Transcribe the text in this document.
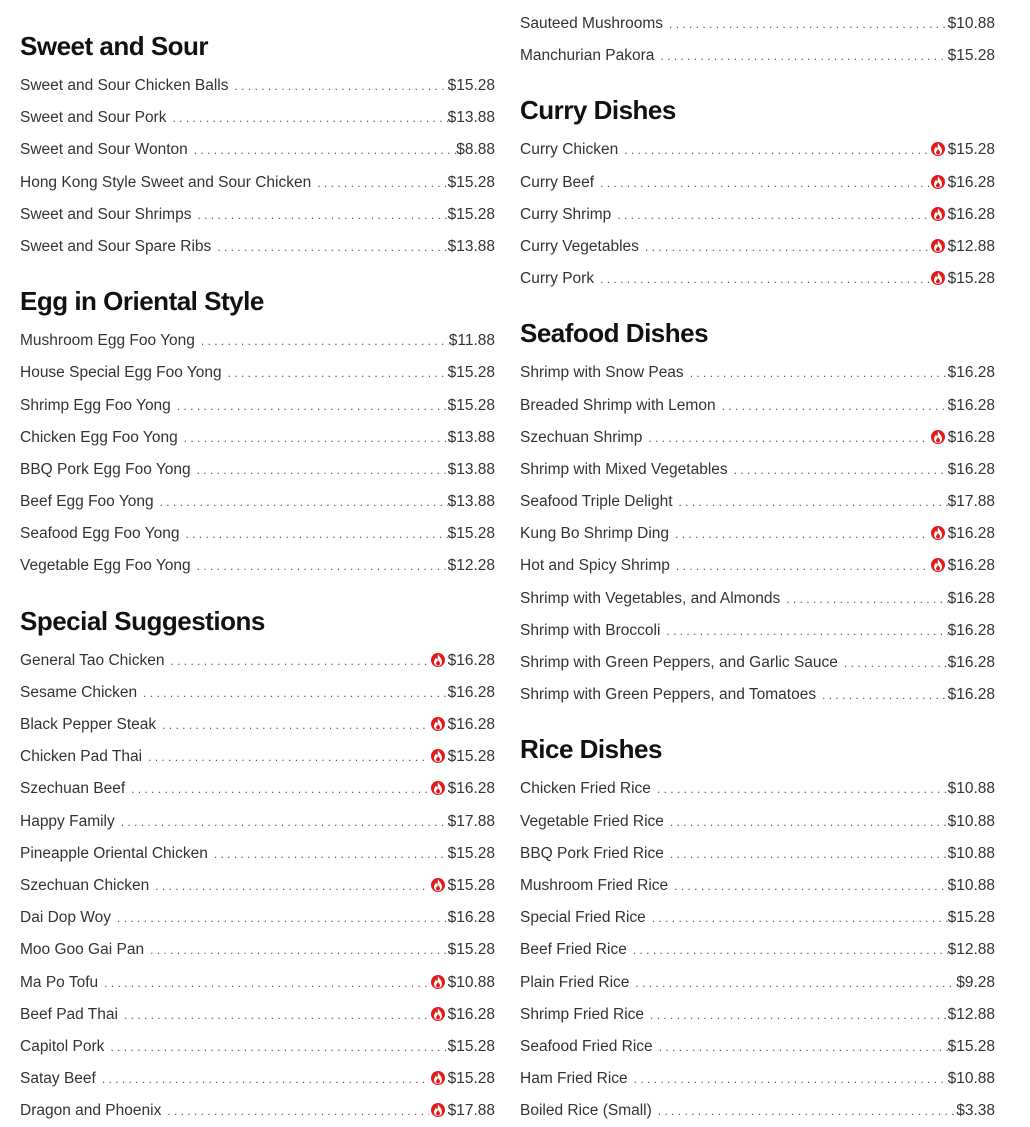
Sweet and Sour
Sweet and Sour Chicken Balls . . .	$15.28
Sweet and Sour Pork . . .	$13.88
Sweet and Sour Wonton . . .	$8.88
Hong Kong Style Sweet and Sour Chicken . . .	$15.28
Sweet and Sour Shrimps . . .	$15.28
Sweet and Sour Spare Ribs . . .	$13.88
Egg in Oriental Style
Mushroom Egg Foo Yong . . .	$11.88
House Special Egg Foo Yong . . .	$15.28
Shrimp Egg Foo Yong . . .	$15.28
Chicken Egg Foo Yong . . .	$13.88
BBQ Pork Egg Foo Yong . . .	$13.88
Beef Egg Foo Yong . . .	$13.88
Seafood Egg Foo Yong . . .	$15.28
Vegetable Egg Foo Yong . . .	$12.28
Special Suggestions
General Tao Chicken . . .	$16.28
Sesame Chicken . . .	$16.28
Black Pepper Steak . . .	$16.28
Chicken Pad Thai . . .	$15.28
Szechuan Beef . . .	$16.28
Happy Family . . .	$17.88
Pineapple Oriental Chicken . . .	$15.28
Szechuan Chicken . . .	$15.28
Dai Dop Woy . . .	$16.28
Moo Goo Gai Pan . . .	$15.28
Ma Po Tofu . . .	$10.88
Beef Pad Thai . . .	$16.28
Capitol Pork . . .	$15.28
Satay Beef . . .	$15.28
Dragon and Phoenix . . .	$17.88
Sauteed Mushrooms . . .	$10.88
Manchurian Pakora . . .	$15.28
Curry Dishes
Curry Chicken . . .	$15.28
Curry Beef . . .	$16.28
Curry Shrimp . . .	$16.28
Curry Vegetables . . .	$12.88
Curry Pork . . .	$15.28
Seafood Dishes
Shrimp with Snow Peas . . .	$16.28
Breaded Shrimp with Lemon . . .	$16.28
Szechuan Shrimp . . .	$16.28
Shrimp with Mixed Vegetables . . .	$16.28
Seafood Triple Delight . . .	$17.88
Kung Bo Shrimp Ding . . .	$16.28
Hot and Spicy Shrimp . . .	$16.28
Shrimp with Vegetables, and Almonds . . .	$16.28
Shrimp with Broccoli . . .	$16.28
Shrimp with Green Peppers, and Garlic Sauce . . .	$16.28
Shrimp with Green Peppers, and Tomatoes . . .	$16.28
Rice Dishes
Chicken Fried Rice . . .	$10.88
Vegetable Fried Rice . . .	$10.88
BBQ Pork Fried Rice . . .	$10.88
Mushroom Fried Rice . . .	$10.88
Special Fried Rice . . .	$15.28
Beef Fried Rice . . .	$12.88
Plain Fried Rice . . .	$9.28
Shrimp Fried Rice . . .	$12.88
Seafood Fried Rice . . .	$15.28
Ham Fried Rice . . .	$10.88
Boiled Rice (Small) . . .	$3.38
